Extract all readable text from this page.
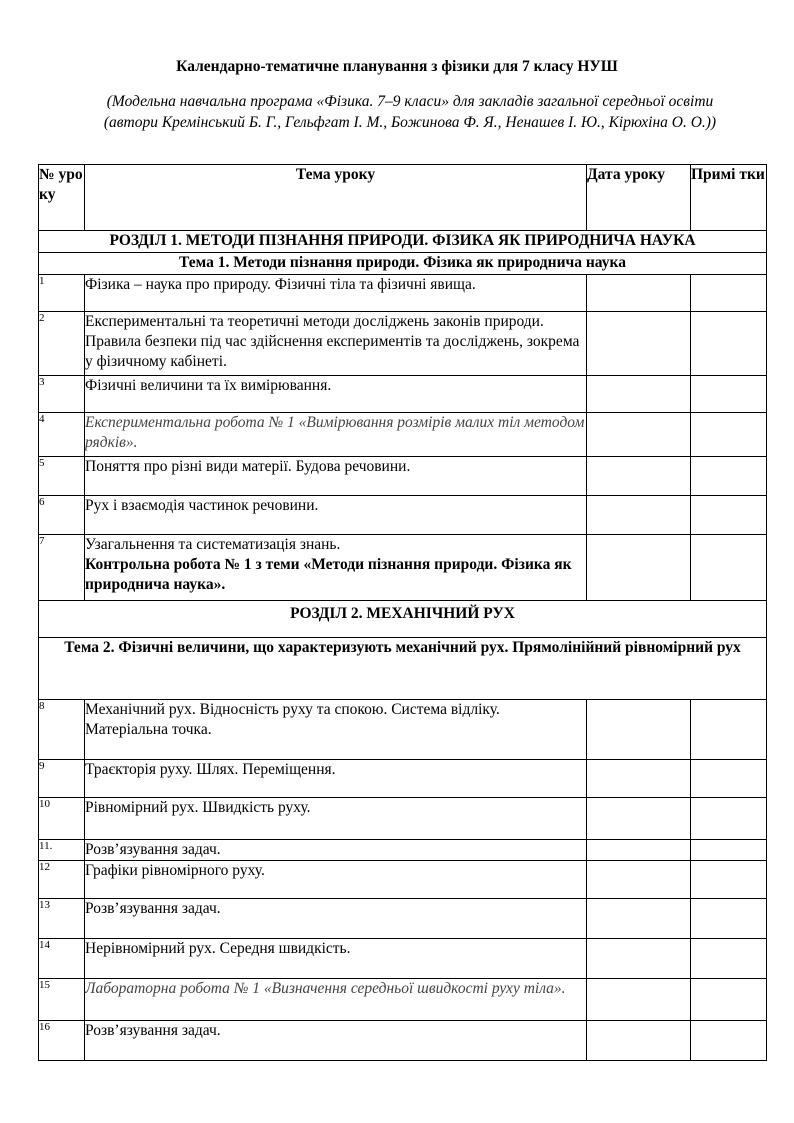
Календарно-тематичне планування з фізики для 7 класу НУШ
(Модельна навчальна програма «Фізика. 7–9 класи» для закладів загальної середньої освіти (автори Кремінський Б. Г., Гельфгат І. М., Божинова Ф. Я., Ненашев І. Ю., Кірюхіна О. О.))
№ уро ку	Тема уроку	Дата уроку	Примі тки
РОЗДІЛ 1. МЕТОДИ ПІЗНАННЯ ПРИРОДИ. ФІЗИКА ЯК ПРИРОДНИЧА НАУКА			
Тема 1. Методи пізнання природи. Фізика як природнича наука			
1	Фізика – наука про природу. Фізичні тіла та фізичні явища.		
2	Експериментальні та теоретичні методи досліджень законів природи. Правила безпеки під час здійснення експериментів та досліджень, зокрема у фізичному кабінеті.		
3	Фізичні величини та їх вимірювання.		
4	Експериментальна робота № 1 «Вимірювання розмірів малих тіл методом рядків».		
5	Поняття про різні види матерії. Будова речовини.		
6	Рух і взаємодія частинок речовини.		
7	Узагальнення та систематизація знань.
Контрольна робота № 1 з теми «Методи пізнання природи. Фізика як природнича наука».		

РОЗДІЛ 2. МЕХАНІЧНИЙ РУХ			
Тема 2. Фізичні величини, що характеризують механічний рух. Прямолінійний рівномірний рух			
8	Механічний рух. Відносність руху та спокою. Система відліку. Матеріальна точка.		
9	Траєкторія руху. Шлях. Переміщення.		
10	Рівномірний рух. Швидкість руху.		
11.	Розв’язування задач.		
12	Графіки рівномірного руху.		
13	Розв’язування задач.		
14	Нерівномірний рух. Середня швидкість.		
15	Лабораторна робота № 1 «Визначення середньої швидкості руху тіла».		
16	Розв’язування задач.		
